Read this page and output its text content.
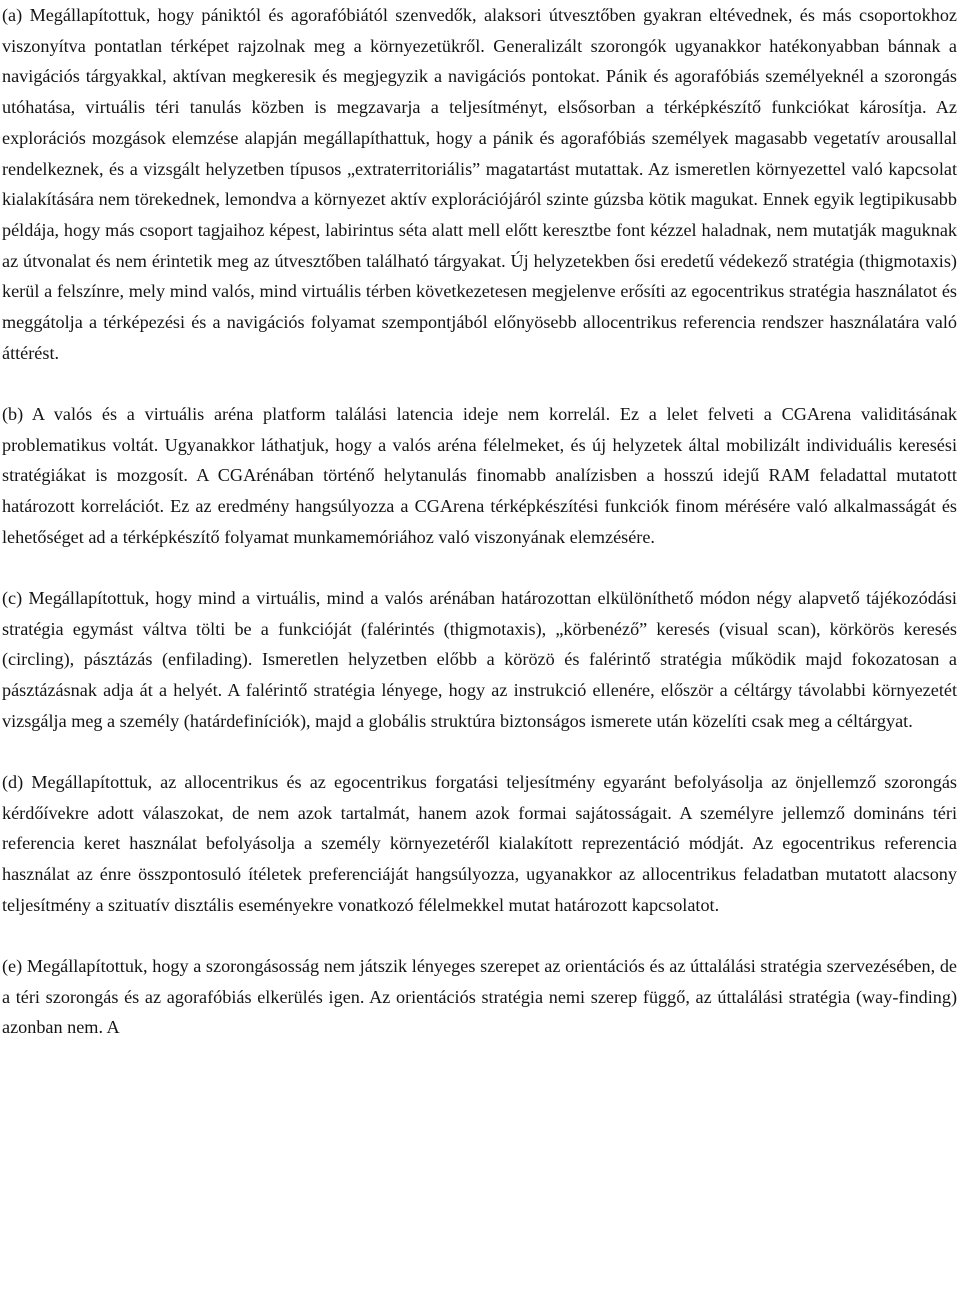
(a) Megállapítottuk, hogy pániktól és agorafóbiától szenvedők, alaksori útvesztőben gyakran eltévednek, és más csoportokhoz viszonyítva pontatlan térképet rajzolnak meg a környezetükről. Generalizált szorongók ugyanakkor hatékonyabban bánnak a navigációs tárgyakkal, aktívan megkeresik és megjegyzik a navigációs pontokat. Pánik és agorafóbiás személyeknél a szorongás utóhatása, virtuális téri tanulás közben is megzavarja a teljesítményt, elsősorban a térképkészítő funkciókat károsítja. Az explorációs mozgások elemzése alapján megállapíthattuk, hogy a pánik és agorafóbiás személyek magasabb vegetatív arousallal rendelkeznek, és a vizsgált helyzetben típusos „extraterritoriális” magatartást mutattak. Az ismeretlen környezettel való kapcsolat kialakítására nem törekednek, lemondva a környezet aktív explorációjáról szinte gúzsba kötik magukat. Ennek egyik legtipikusabb példája, hogy más csoport tagjaihoz képest, labirintus séta alatt mell előtt keresztbe font kézzel haladnak, nem mutatják maguknak az útvonalat és nem érintetik meg az útvesztőben található tárgyakat. Új helyzetekben ősi eredetű védekező stratégia (thigmotaxis) kerül a felszínre, mely mind valós, mind virtuális térben következetesen megjelenve erősíti az egocentrikus stratégia használatot és meggátolja a térképezési és a navigációs folyamat szempontjából előnyösebb allocentrikus referencia rendszer használatára való áttérést.

(b) A valós és a virtuális aréna platform találási latencia ideje nem korrelál. Ez a lelet felveti a CGArena validitásának problematikus voltát. Ugyanakkor láthatjuk, hogy a valós aréna félelmeket, és új helyzetek által mobilizált individuális keresési stratégiákat is mozgosít. A CGArénában történő helytanulás finomabb analízisben a hosszú idejű RAM feladattal mutatott határozott korrelációt. Ez az eredmény hangsúlyozza a CGArena térképkészítési funkciók finom mérésére való alkalmasságát és lehetőséget ad a térképkészítő folyamat munkamemóriához való viszonyának elemzésére.

(c) Megállapítottuk, hogy mind a virtuális, mind a valós arénában határozottan elkülöníthető módon négy alapvető tájékozódási stratégia egymást váltva tölti be a funkcióját (falérintés (thigmotaxis), „körbenéző” keresés (visual scan), körkörös keresés (circling), pásztázás (enfilading). Ismeretlen helyzetben előbb a körözö és falérintő stratégia működik majd fokozatosan a pásztázásnak adja át a helyét. A falérintő stratégia lényege, hogy az instrukció ellenére, először a céltárgy távolabbi környezetét vizsgálja meg a személy (határdefiníciók), majd a globális struktúra biztonságos ismerete után közelíti csak meg a céltárgyat.

(d) Megállapítottuk, az allocentrikus és az egocentrikus forgatási teljesítmény egyaránt befolyásolja az önjellemző szorongás kérdőívekre adott válaszokat, de nem azok tartalmát, hanem azok formai sajátosságait. A személyre jellemző domináns téri referencia keret használat befolyásolja a személy környezetéről kialakított reprezentáció módját. Az egocentrikus referencia használat az énre összpontosuló ítéletek preferenciáját hangsúlyozza, ugyanakkor az allocentrikus feladatban mutatott alacsony teljesítmény a szituatív disztális eseményekre vonatkozó félelmekkel mutat határozott kapcsolatot.

(e) Megállapítottuk, hogy a szorongásosság nem játszik lényeges szerepet az orientációs és az úttalálási stratégia szervezésében, de a téri szorongás és az agorafóbiás elkerülés igen. Az orientációs stratégia nemi szerep függő, az úttalálási stratégia (way-finding) azonban nem. A
